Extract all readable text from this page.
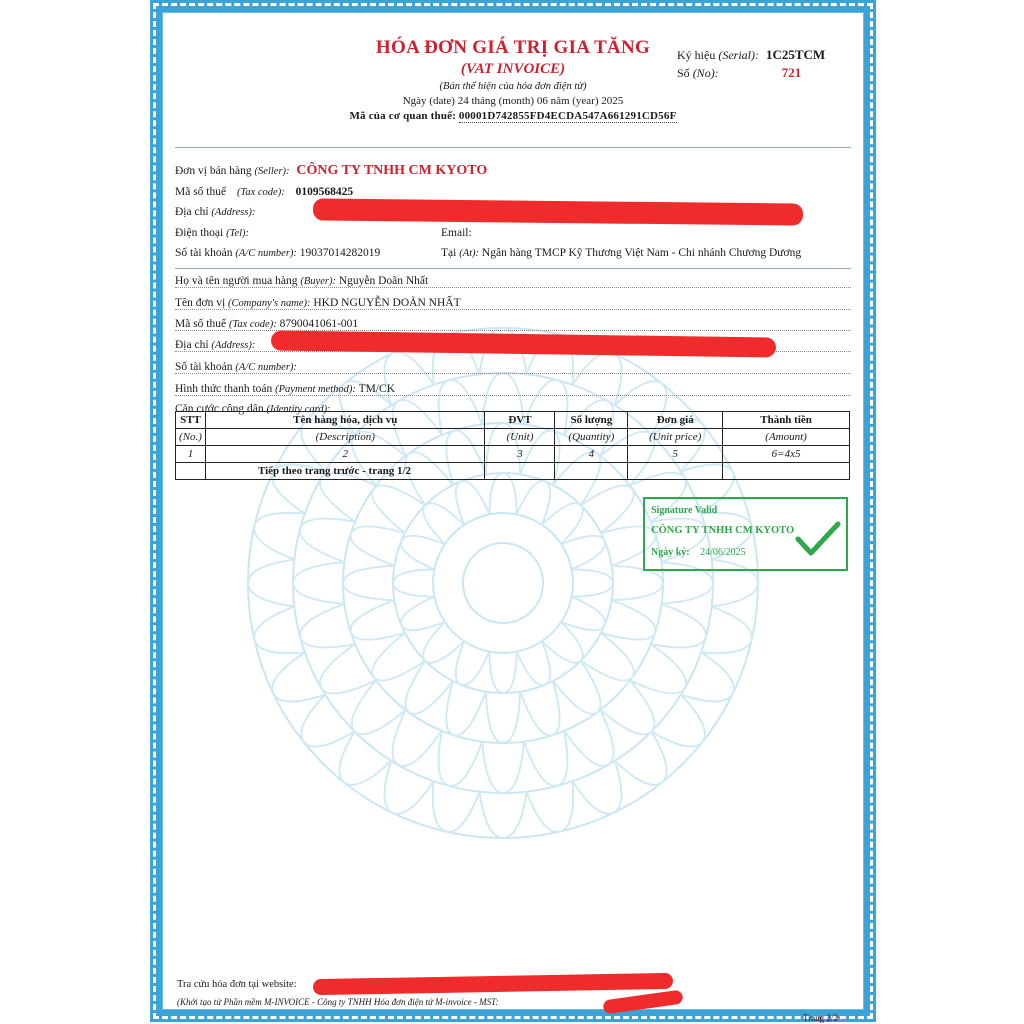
HÓA ĐƠN GIÁ TRỊ GIA TĂNG
(VAT INVOICE)
(Bản thể hiện của hóa đơn điện tử)
Ngày (date) 24 tháng (month) 06 năm (year) 2025
Mã của cơ quan thuế: 00001D742855FD4ECDA547A661291CD56F
Ký hiệu (Serial): 1C25TCM
Số (No):	721
Đơn vị bán hàng (Seller): CÔNG TY TNHH CM KYOTO
Mã số thuế (Tax code): 0109568425
Địa chỉ (Address):
Điện thoại (Tel):	Email:
Số tài khoản (A/C number): 19037014282019	Tại (At): Ngân hàng TMCP Kỹ Thương Việt Nam - Chi nhánh Chương Dương
Họ và tên người mua hàng (Buyer): Nguyễn Doãn Nhất
Tên đơn vị (Company's name): HKD NGUYỄN DOÃN NHẤT
Mã số thuế (Tax code): 8790041061-001
Địa chỉ (Address):
Số tài khoản (A/C number):
Hình thức thanh toán (Payment method): TM/CK
Căn cước công dân (Identity card):
STT	Tên hàng hóa, dịch vụ	ĐVT	Số lượng	Đơn giá	Thành tiền
(No.)	(Description)	(Unit)	(Quantity)	(Unit price)	(Amount)
1	2	3	4	5	6=4x5
	Tiếp theo trang trước - trang 1/2				
Signature Valid
CÔNG TY TNHH CM KYOTO
Ngày ký: 24/06/2025
Tra cứu hóa đơn tại website:
(Khởi tạo từ Phần mềm M-INVOICE - Công ty TNHH Hóa đơn điện tử M-invoice - MST:
Trang 2/2
